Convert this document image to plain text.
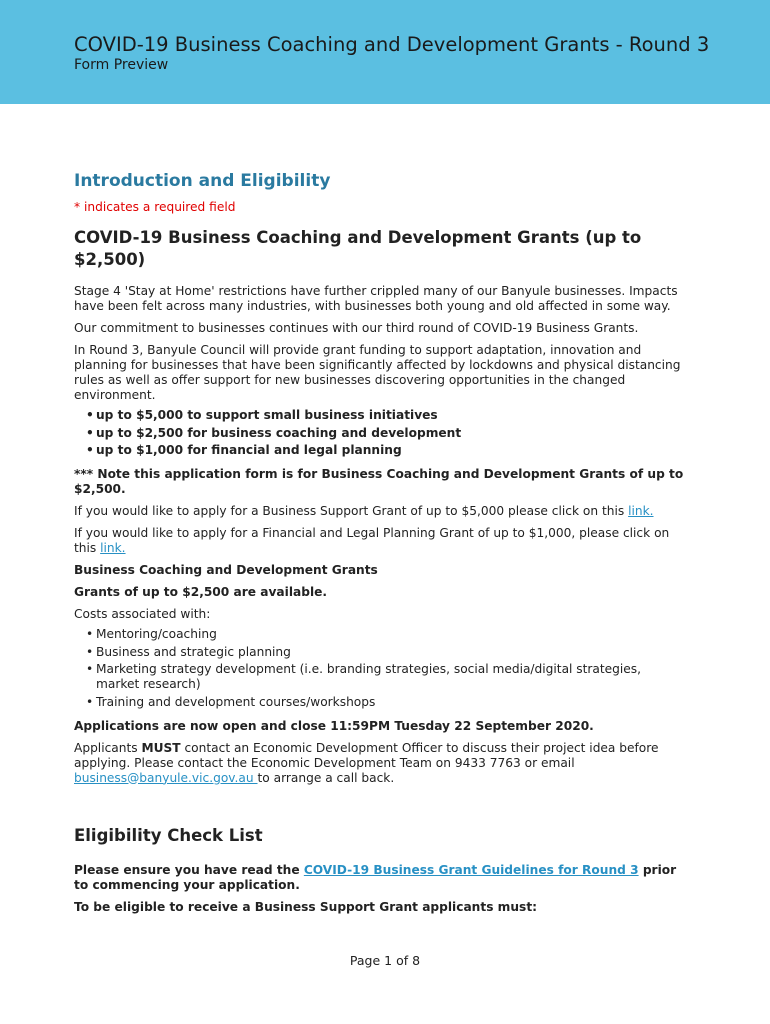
COVID-19 Business Coaching and Development Grants - Round 3
Form Preview
Introduction and Eligibility

* indicates a required field

COVID-19 Business Coaching and Development Grants (up to $2,500)

Stage 4 'Stay at Home' restrictions have further crippled many of our Banyule businesses. Impacts have been felt across many industries, with businesses both young and old affected in some way.

Our commitment to businesses continues with our third round of COVID-19 Business Grants.

In Round 3, Banyule Council will provide grant funding to support adaptation, innovation and planning for businesses that have been significantly affected by lockdowns and physical distancing rules as well as offer support for new businesses discovering opportunities in the changed environment.

• up to $5,000 to support small business initiatives
• up to $2,500 for business coaching and development
• up to $1,000 for financial and legal planning

*** Note this application form is for Business Coaching and Development Grants of up to $2,500.

If you would like to apply for a Business Support Grant of up to $5,000 please click on this link.

If you would like to apply for a Financial and Legal Planning Grant of up to $1,000, please click on this link.

Business Coaching and Development Grants

Grants of up to $2,500 are available.

Costs associated with:

• Mentoring/coaching
• Business and strategic planning
• Marketing strategy development (i.e. branding strategies, social media/digital strategies, market research)
• Training and development courses/workshops

Applications are now open and close 11:59PM Tuesday 22 September 2020.

Applicants MUST contact an Economic Development Officer to discuss their project idea before applying. Please contact the Economic Development Team on 9433 7763 or email business@banyule.vic.gov.au to arrange a call back.

Eligibility Check List

Please ensure you have read the COVID-19 Business Grant Guidelines for Round 3 prior to commencing your application.

To be eligible to receive a Business Support Grant applicants must:

Page 1 of 8
